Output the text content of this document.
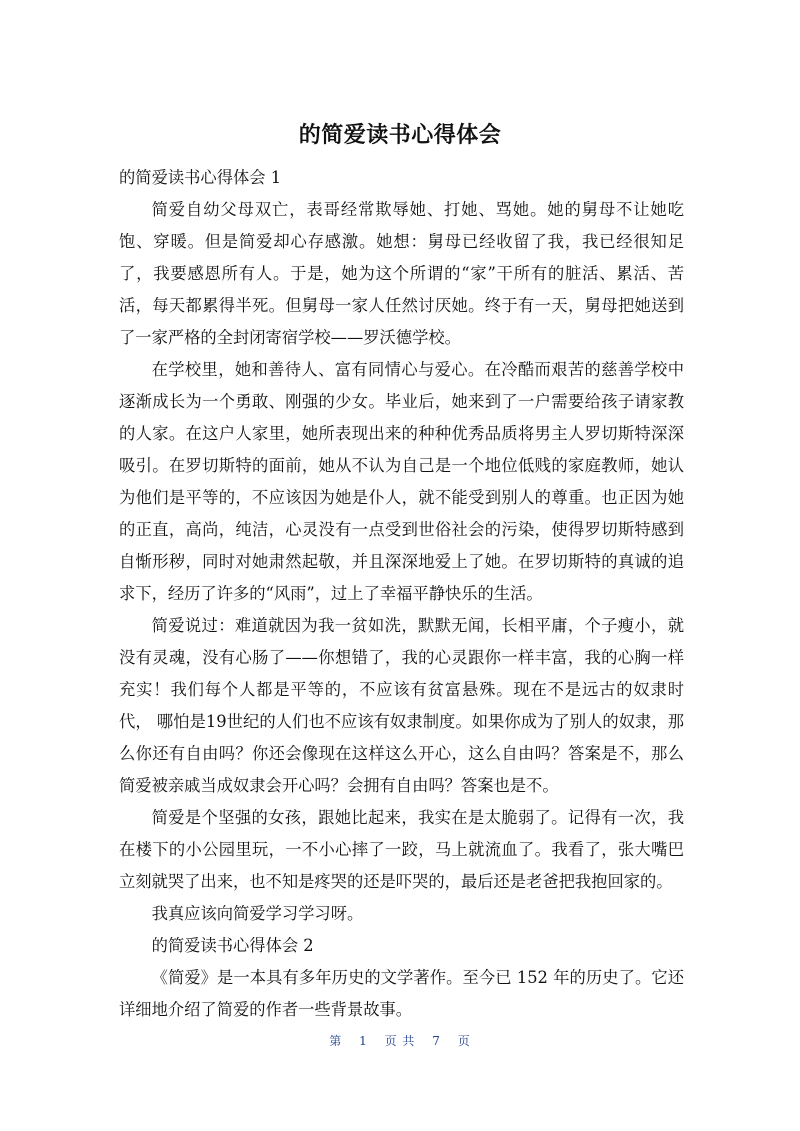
的简爱读书心得体会

的简爱读书心得体会 1

简爱自幼父母双亡，表哥经常欺辱她、打她、骂她。她的舅母不让她吃饱、穿暖。但是简爱却心存感激。她想：舅母已经收留了我，我已经很知足了，我要感恩所有人。于是，她为这个所谓的“家”干所有的脏活、累活、苦活，每天都累得半死。但舅母一家人任然讨厌她。终于有一天，舅母把她送到了一家严格的全封闭寄宿学校——罗沃德学校。

在学校里，她和善待人、富有同情心与爱心。在冷酷而艰苦的慈善学校中逐渐成长为一个勇敢、刚强的少女。毕业后，她来到了一户需要给孩子请家教的人家。在这户人家里，她所表现出来的种种优秀品质将男主人罗切斯特深深吸引。在罗切斯特的面前，她从不认为自己是一个地位低贱的家庭教师，她认为他们是平等的，不应该因为她是仆人，就不能受到别人的尊重。也正因为她的正直，高尚，纯洁，心灵没有一点受到世俗社会的污染，使得罗切斯特感到自惭形秽，同时对她肃然起敬，并且深深地爱上了她。在罗切斯特的真诚的追求下，经历了许多的“风雨”，过上了幸福平静快乐的生活。

简爱说过：难道就因为我一贫如洗，默默无闻，长相平庸，个子瘦小，就没有灵魂，没有心肠了——你想错了，我的心灵跟你一样丰富，我的心胸一样充实！我们每个人都是平等的，不应该有贫富悬殊。现在不是远古的奴隶时代， 哪怕是19世纪的人们也不应该有奴隶制度。如果你成为了别人的奴隶，那么你还有自由吗？你还会像现在这样这么开心，这么自由吗？答案是不，那么简爱被亲戚当成奴隶会开心吗？会拥有自由吗？答案也是不。

简爱是个坚强的女孩，跟她比起来，我实在是太脆弱了。记得有一次，我在楼下的小公园里玩，一不小心摔了一跤，马上就流血了。我看了，张大嘴巴立刻就哭了出来，也不知是疼哭的还是吓哭的，最后还是老爸把我抱回家的。

我真应该向简爱学习学习呀。

的简爱读书心得体会 2

《简爱》是一本具有多年历史的文学著作。至今已 152 年的历史了。它还详细地介绍了简爱的作者一些背景故事。

第 1 页 共 7 页
